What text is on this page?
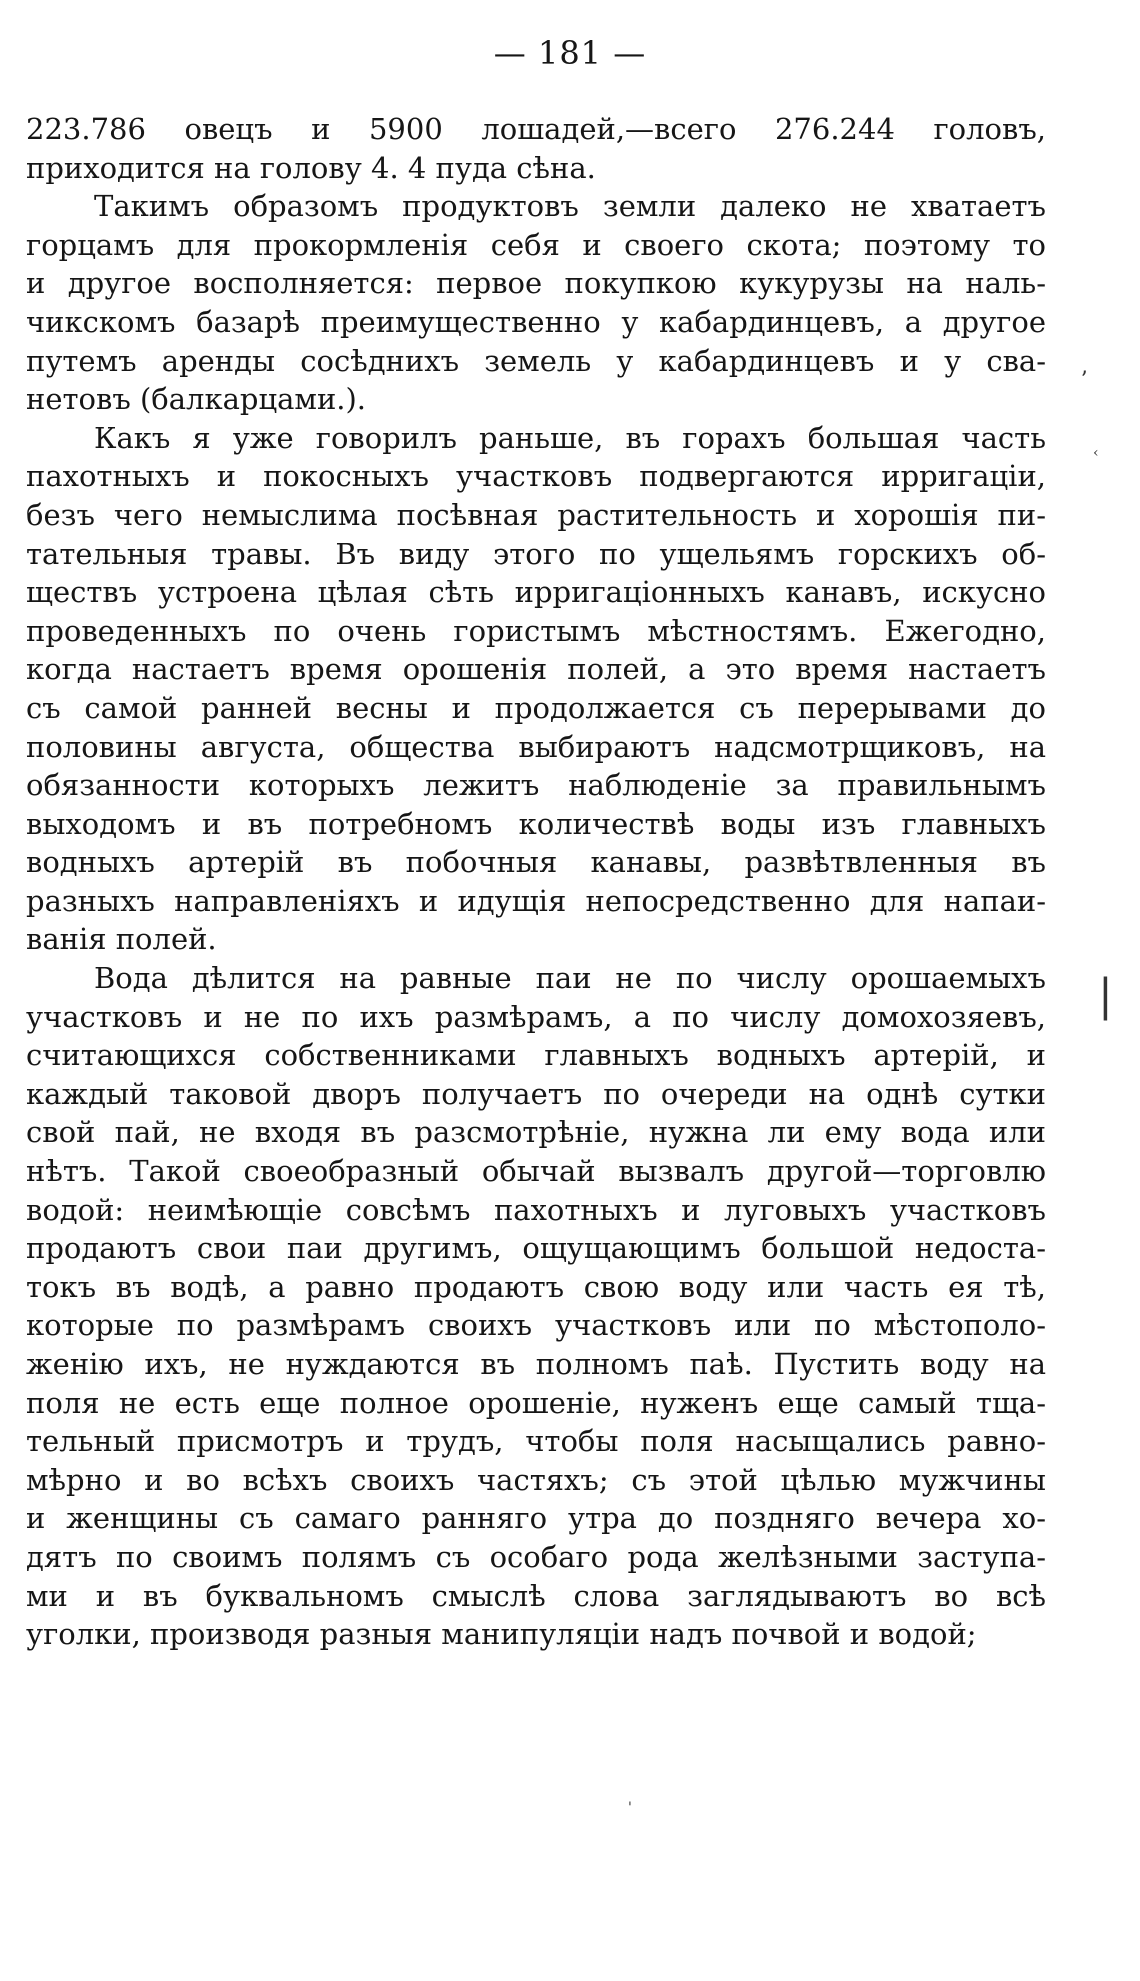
— 181 —
223.786 овецъ и 5900 лошадей,—всего 276.244 головъ,
приходится на голову 4. 4 пуда сѣна.
Такимъ образомъ продуктовъ земли далеко не хватаетъ
горцамъ для прокормленія себя и своего скота; поэтому то
и другое восполняется: первое покупкою кукурузы на наль-
чикскомъ базарѣ преимущественно у кабардинцевъ, а другое
путемъ аренды сосѣднихъ земель у кабардинцевъ и у сва-
нетовъ (балкарцами.).
Какъ я уже говорилъ раньше, въ горахъ большая часть
пахотныхъ и покосныхъ участковъ подвергаются ирригаціи,
безъ чего немыслима посѣвная растительность и хорошія пи-
тательныя травы. Въ виду этого по ущельямъ горскихъ об-
ществъ устроена цѣлая сѣть ирригаціонныхъ канавъ, искусно
проведенныхъ по очень гористымъ мѣстностямъ. Ежегодно,
когда настаетъ время орошенія полей, а это время настаетъ
съ самой ранней весны и продолжается съ перерывами до
половины августа, общества выбираютъ надсмотрщиковъ, на
обязанности которыхъ лежитъ наблюденіе за правильнымъ
выходомъ и въ потребномъ количествѣ воды изъ главныхъ
водныхъ артерій въ побочныя канавы, развѣтвленныя въ
разныхъ направленіяхъ и идущія непосредственно для напаи-
ванія полей.
Вода дѣлится на равные паи не по числу орошаемыхъ
участковъ и не по ихъ размѣрамъ, а по числу домохозяевъ,
считающихся собственниками главныхъ водныхъ артерій, и
каждый таковой дворъ получаетъ по очереди на однѣ сутки
свой пай, не входя въ разсмотрѣніе, нужна ли ему вода или
нѣтъ. Такой своеобразный обычай вызвалъ другой—торговлю
водой: неимѣющіе совсѣмъ пахотныхъ и луговыхъ участковъ
продаютъ свои паи другимъ, ощущающимъ большой недоста-
токъ въ водѣ, а равно продаютъ свою воду или часть ея тѣ,
которые по размѣрамъ своихъ участковъ или по мѣстополо-
женію ихъ, не нуждаются въ полномъ паѣ. Пустить воду на
поля не есть еще полное орошеніе, нуженъ еще самый тща-
тельный присмотръ и трудъ, чтобы поля насыщались равно-
мѣрно и во всѣхъ своихъ частяхъ; съ этой цѣлью мужчины
и женщины съ самаго ранняго утра до поздняго вечера хо-
дятъ по своимъ полямъ съ особаго рода желѣзными заступа-
ми и въ буквальномъ смыслѣ слова заглядываютъ во всѣ
уголки, производя разныя манипуляціи надъ почвой и водой;
ʼ
‹
|
'
